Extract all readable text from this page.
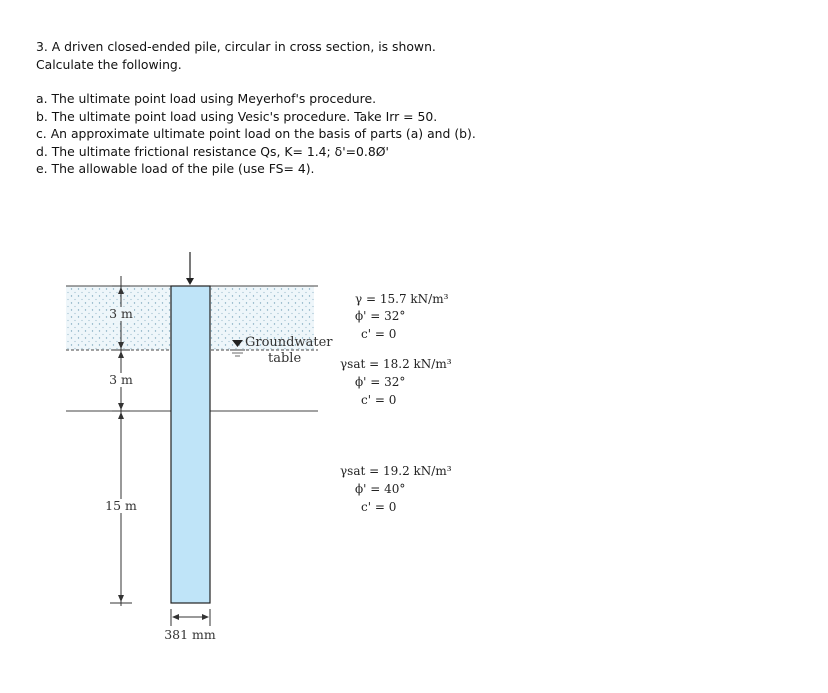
3. A driven closed-ended pile, circular in cross section, is shown.
Calculate the following.
a. The ultimate point load using Meyerhof's procedure.
b. The ultimate point load using Vesic's procedure. Take Irr = 50.
c. An approximate ultimate point load on the basis of parts (a) and (b).
d. The ultimate frictional resistance Qs, K= 1.4; δ'=0.8Ø'
e. The allowable load of the pile (use FS= 4).
Groundwater
table
3 m
3 m
15 m
381 mm
γ = 15.7 kN/m³
ϕ' = 32°
c' = 0
γsat = 18.2 kN/m³
ϕ' = 32°
c' = 0
γsat = 19.2 kN/m³
ϕ' = 40°
c' = 0
